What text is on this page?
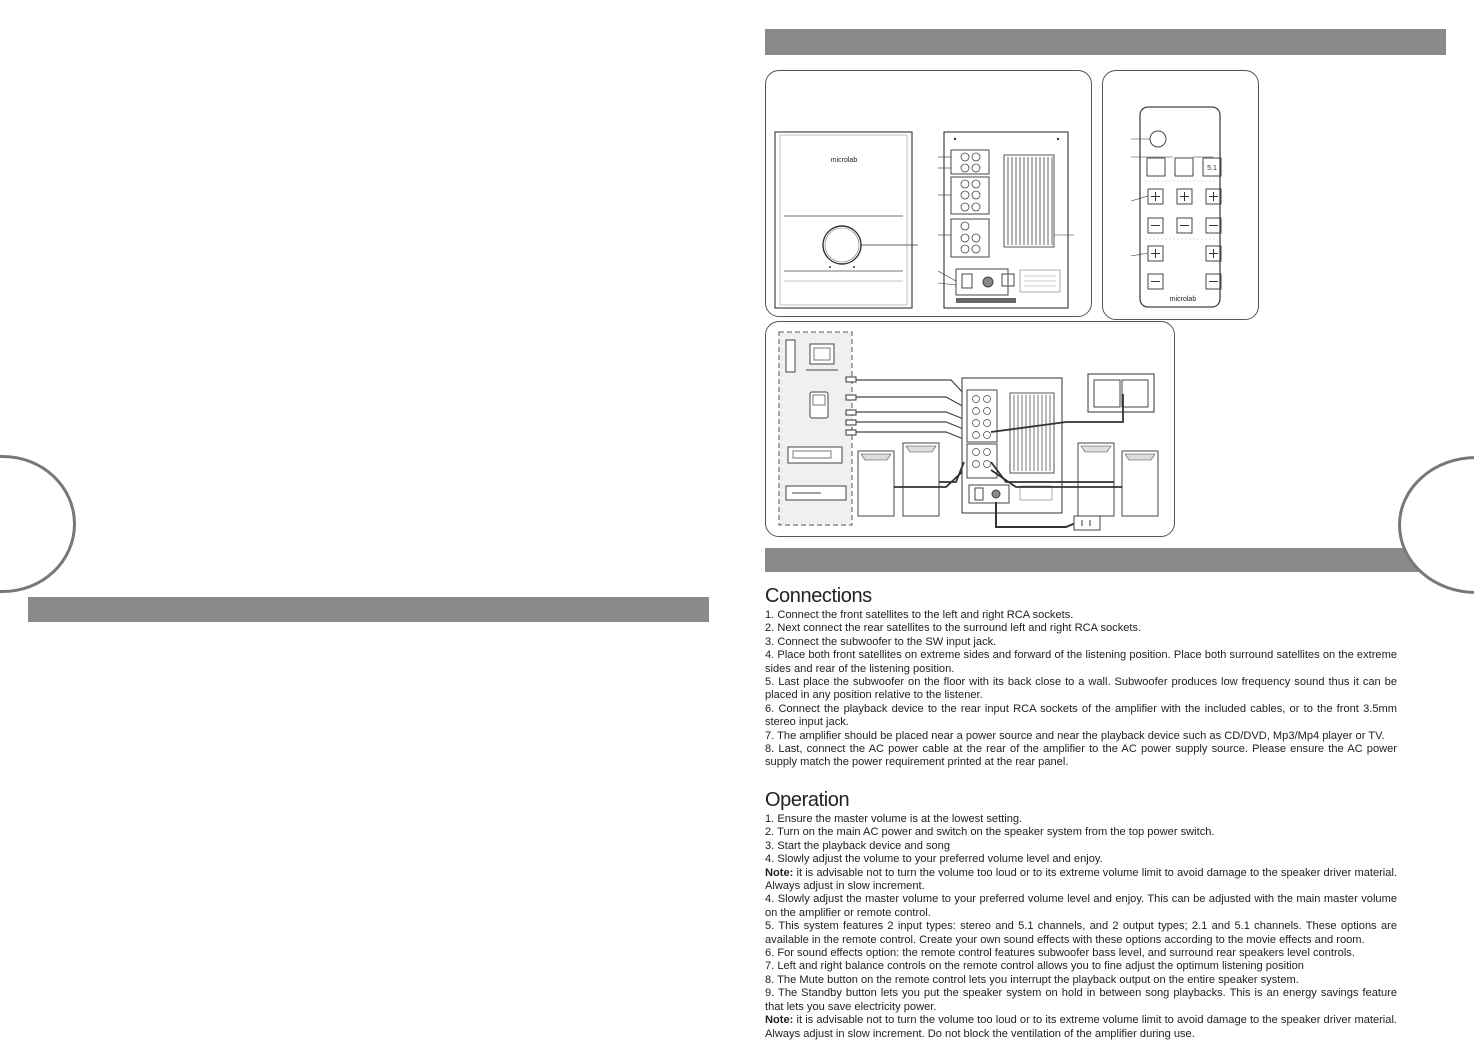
microlab
5.1
microlab
Connections

1. Connect the front satellites to the left and right RCA sockets.

2. Next connect the rear satellites to the surround left and right RCA sockets.

3. Connect the subwoofer to the SW input jack.

4. Place both front satellites on extreme sides and forward of the listening position. Place both surround satellites on the extreme sides and rear of the listening position.

5. Last place the subwoofer on the floor with its back close to a wall. Subwoofer produces low frequency sound thus it can be placed in any position relative to the listener.

6. Connect the playback device to the rear input RCA sockets of the amplifier with the included cables, or to the front 3.5mm stereo input jack.

7. The amplifier should be placed near a power source and near the playback device such as CD/DVD, Mp3/Mp4 player or TV.

8. Last, connect the AC power cable at the rear of the amplifier to the AC power supply source. Please ensure the AC power supply match the power requirement printed at the rear panel.

Operation

1. Ensure the master volume is at the lowest setting.

2. Turn on the main AC power and switch on the speaker system from the top power switch.

3. Start the playback device and song

4. Slowly adjust the volume to your preferred volume level and enjoy.

Note: it is advisable not to turn the volume too loud or to its extreme volume limit to avoid damage to the speaker driver material. Always adjust in slow increment.

4. Slowly adjust the master volume to your preferred volume level and enjoy. This can be adjusted with the main master volume on the amplifier or remote control.

5. This system features 2 input types: stereo and 5.1 channels, and 2 output types; 2.1 and 5.1 channels. These options are available in the remote control. Create your own sound effects with these options according to the movie effects and room.

6. For sound effects option: the remote control features subwoofer bass level, and surround rear speakers level controls.

7. Left and right balance controls on the remote control allows you to fine adjust the optimum listening position

8. The Mute button on the remote control lets you interrupt the playback output on the entire speaker system.

9. The Standby button lets you put the speaker system on hold in between song playbacks. This is an energy savings feature that lets you save electricity power.

Note: it is advisable not to turn the volume too loud or to its extreme volume limit to avoid damage to the speaker driver material. Always adjust in slow increment. Do not block the ventilation of the amplifier during use.
